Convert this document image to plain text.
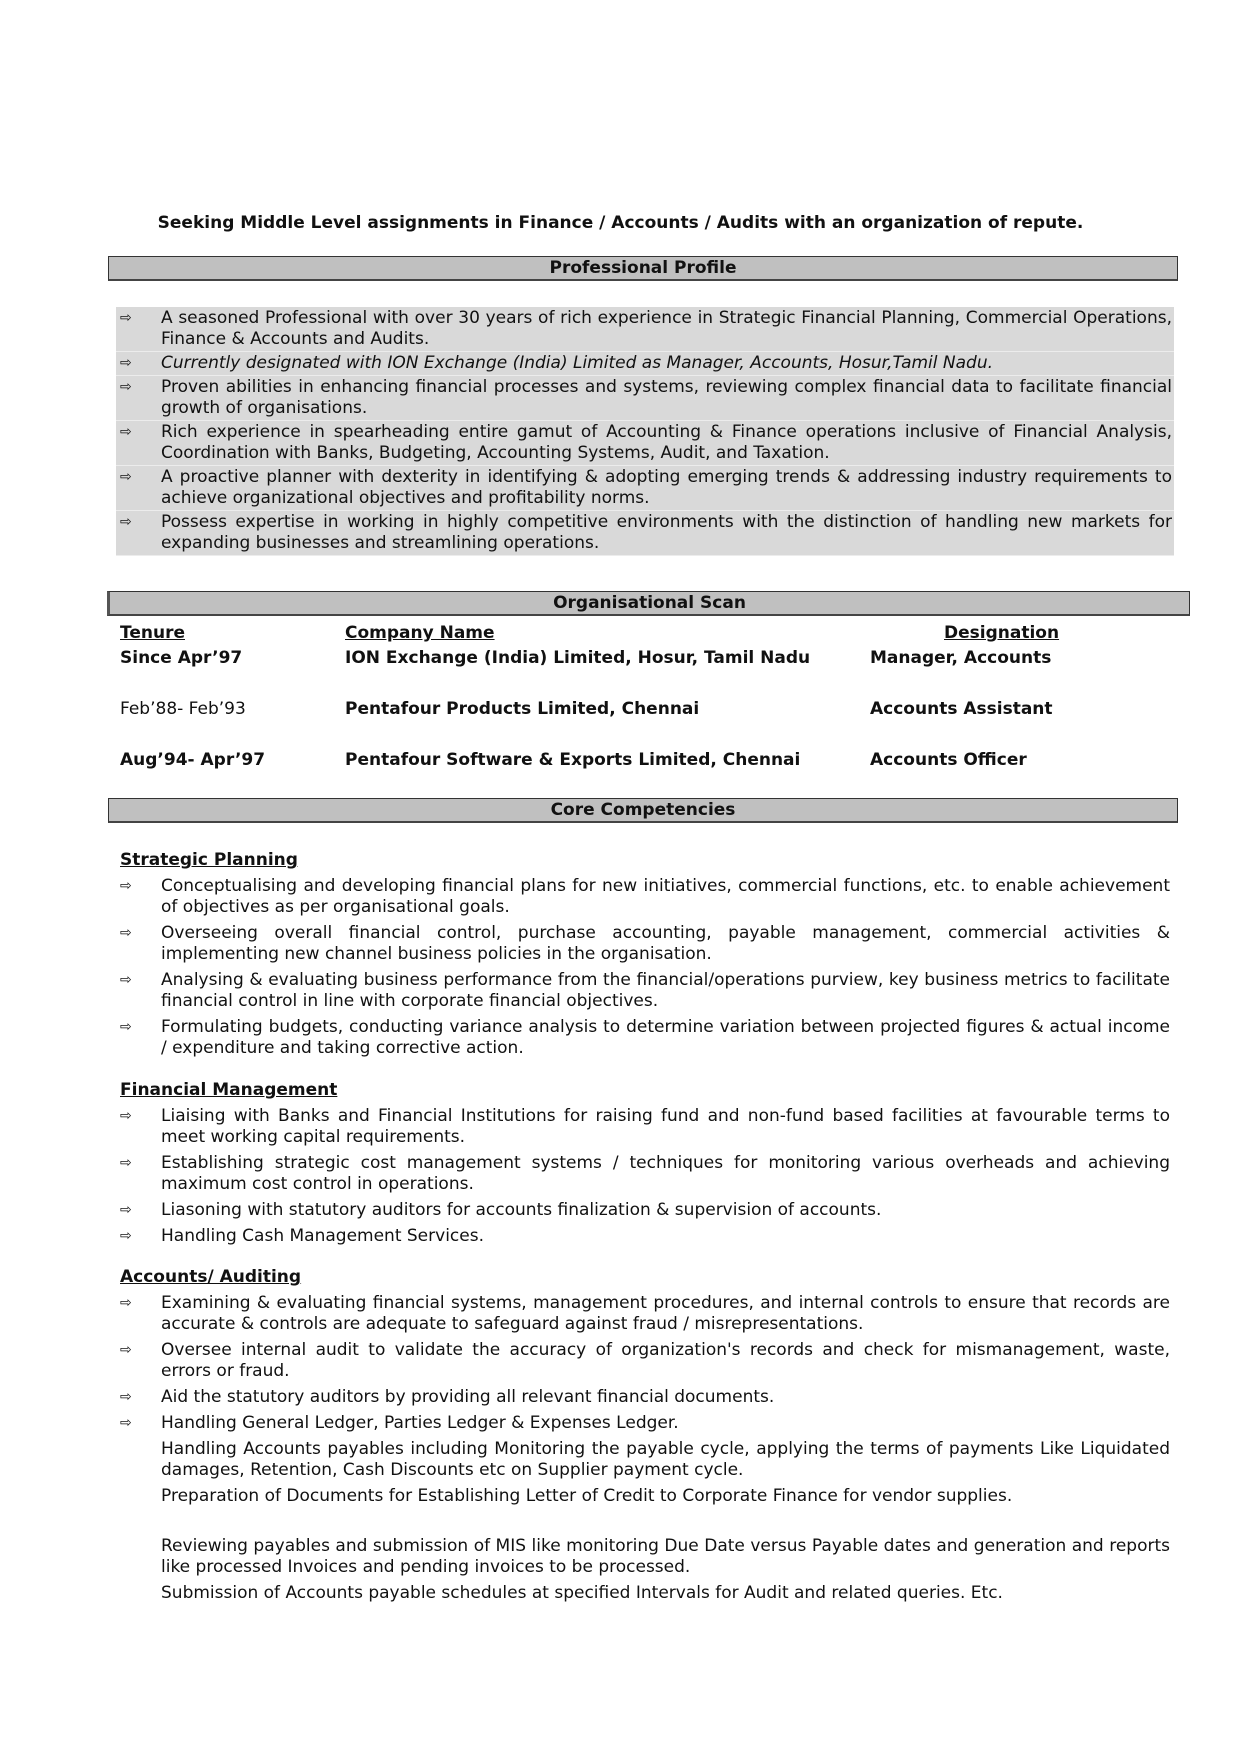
Seeking Middle Level assignments in Finance / Accounts / Audits with an organization of repute.
Professional Profile
⇨	A seasoned Professional with over 30 years of rich experience in Strategic Financial Planning, Commercial Operations, Finance & Accounts and Audits.
⇨	Currently designated with ION Exchange (India) Limited as Manager, Accounts, Hosur,Tamil Nadu.
⇨	Proven abilities in enhancing financial processes and systems, reviewing complex financial data to facilitate financial growth of organisations.
⇨	Rich experience in spearheading entire gamut of Accounting & Finance operations inclusive of Financial Analysis, Coordination with Banks, Budgeting, Accounting Systems, Audit, and Taxation.
⇨	A proactive planner with dexterity in identifying & adopting emerging trends & addressing industry requirements to achieve organizational objectives and profitability norms.
⇨	Possess expertise in working in highly competitive environments with the distinction of handling new markets for expanding businesses and streamlining operations.
Organisational Scan
Tenure	Company Name	Designation
Since Apr’97	ION Exchange (India) Limited, Hosur, Tamil Nadu	Manager, Accounts
Feb’88- Feb’93	Pentafour Products Limited, Chennai	Accounts Assistant
Aug’94- Apr’97	Pentafour Software & Exports Limited, Chennai	Accounts Officer
Core Competencies
Strategic Planning
⇨	Conceptualising and developing financial plans for new initiatives, commercial functions, etc. to enable achievement of objectives as per organisational goals.
⇨	Overseeing overall financial control, purchase accounting, payable management, commercial activities & implementing new channel business policies in the organisation.
⇨	Analysing & evaluating business performance from the financial/operations purview, key business metrics to facilitate financial control in line with corporate financial objectives.
⇨	Formulating budgets, conducting variance analysis to determine variation between projected figures & actual income / expenditure and taking corrective action.
Financial Management
⇨	Liaising with Banks and Financial Institutions for raising fund and non-fund based facilities at favourable terms to meet working capital requirements.
⇨	Establishing strategic cost management systems / techniques for monitoring various overheads and achieving maximum cost control in operations.
⇨	Liasoning with statutory auditors for accounts finalization & supervision of accounts.
⇨	Handling Cash Management Services.
Accounts/ Auditing
⇨	Examining & evaluating financial systems, management procedures, and internal controls to ensure that records are accurate & controls are adequate to safeguard against fraud / misrepresentations.
⇨	Oversee internal audit to validate the accuracy of organization's records and check for mismanagement, waste, errors or fraud.
⇨	Aid the statutory auditors by providing all relevant financial documents.
⇨	Handling General Ledger, Parties Ledger & Expenses Ledger.
Handling Accounts payables including Monitoring the payable cycle, applying the terms of payments Like Liquidated damages, Retention, Cash Discounts etc on Supplier payment cycle.
Preparation of Documents for Establishing Letter of Credit to Corporate Finance for vendor supplies.
Reviewing payables and submission of MIS like monitoring Due Date versus Payable dates and generation and reports like processed Invoices and pending invoices to be processed.
Submission of Accounts payable schedules at specified Intervals for Audit and related queries. Etc.
